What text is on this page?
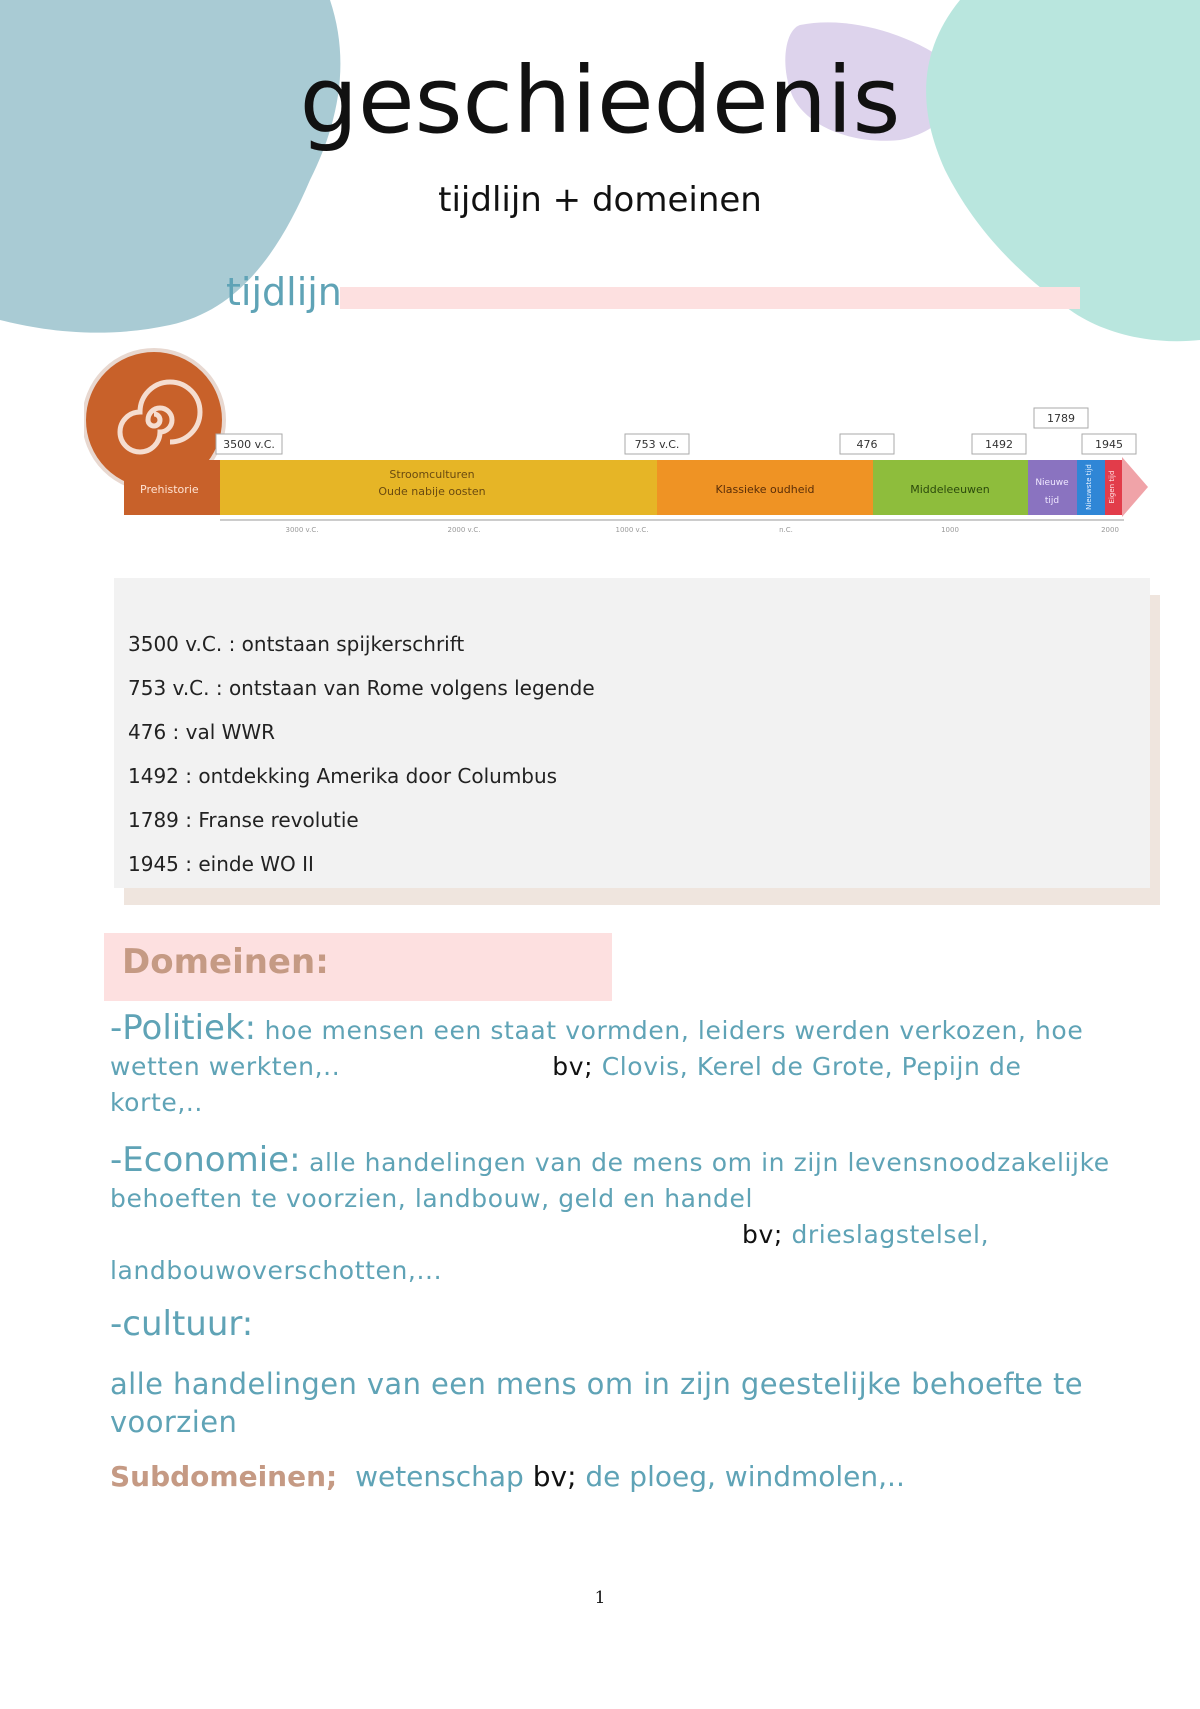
geschiedenis
tijdlijn + domeinen
tijdlijn
Prehistorie
Stroomculturen
Oude nabije oosten	Klassieke oudheid	Middeleeuwen	Nieuwe
tijd	Nieuwste tijd Eigen tijd
3500 v.C.	753 v.C.	476	1492
1789
1945
3000 v.C.	2000 v.C.	1000 v.C.	n.C.	1000	2000
3500 v.C. : ontstaan spijkerschrift
753 v.C. : ontstaan van Rome volgens legende
476 : val WWR
1492 : ontdekking Amerika door Columbus
1789 : Franse revolutie
1945 : einde WO II
Domeinen:
-Politiek: hoe mensen een staat vormden, leiders werden verkozen, hoe wetten werkten,..	bv; Clovis, Kerel de Grote, Pepijn de korte,..
-Economie: alle handelingen van de mens om in zijn levensnoodzakelijke behoeften te voorzien, landbouw, geld en handelbv; drieslagstelsel, landbouwoverschotten,...
-cultuur:
alle handelingen van een mens om in zijn geestelijke behoefte te voorzien
Subdomeinen; wetenschap bv; de ploeg, windmolen,..
1
